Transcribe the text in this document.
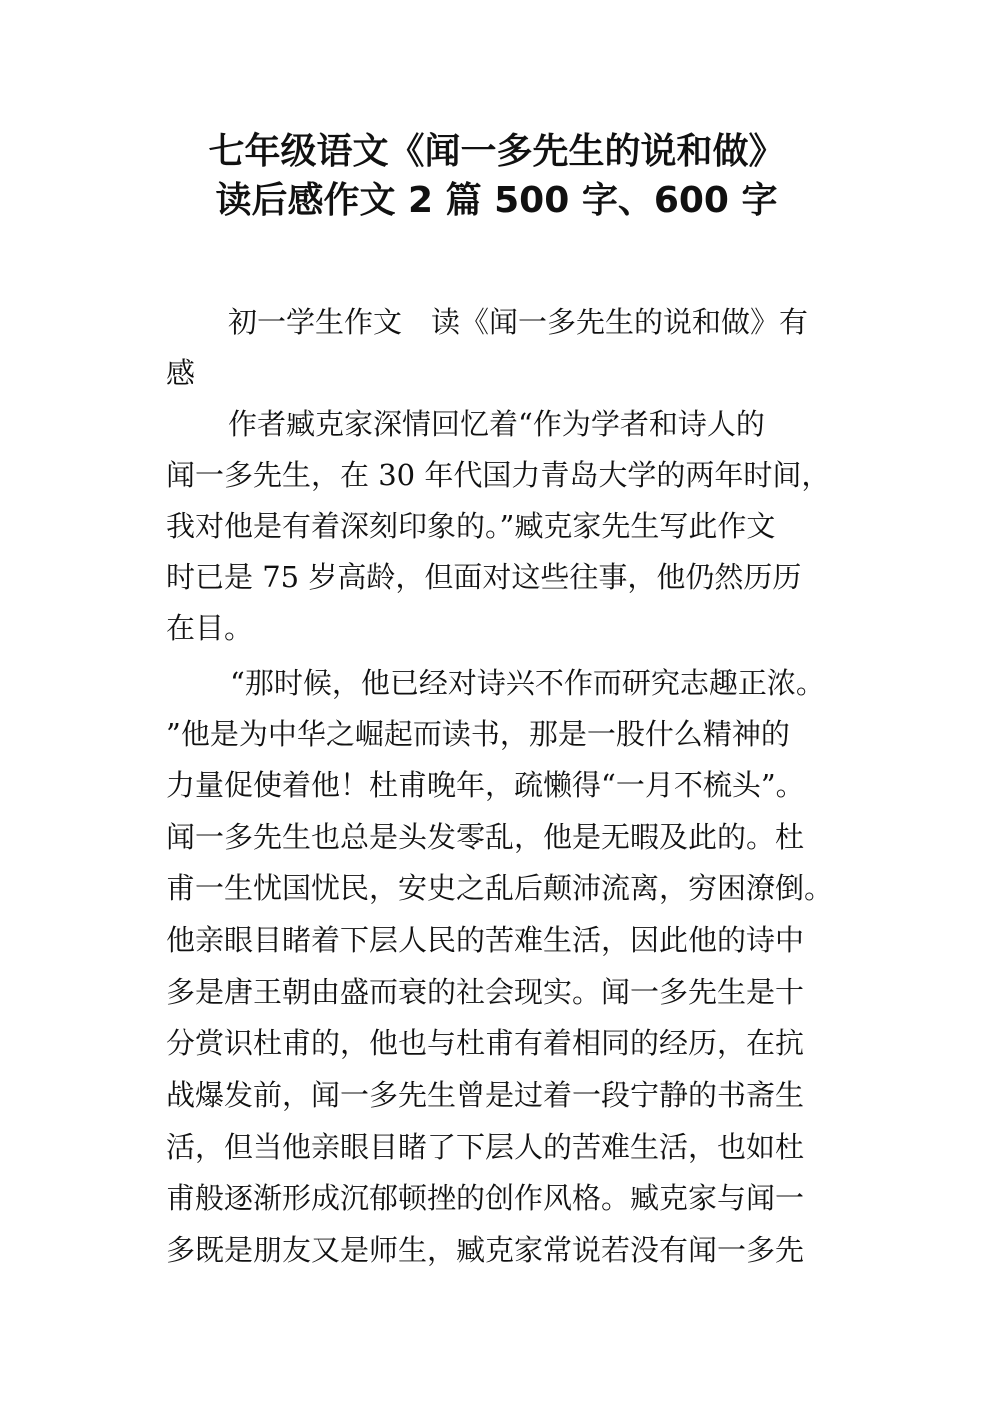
七年级语文《闻一多先生的说和做》
读后感作文 2 篇 500 字、600 字
初一学生作文　读《闻一多先生的说和做》有
感
作者臧克家深情回忆着“作为学者和诗人的
闻一多先生，在 30 年代国力青岛大学的两年时间，
我对他是有着深刻印象的。”臧克家先生写此作文
时已是 75 岁高龄，但面对这些往事，他仍然历历
在目。
“那时候，他已经对诗兴不作而研究志趣正浓。
”他是为中华之崛起而读书，那是一股什么精神的
力量促使着他！杜甫晚年，疏懒得“一月不梳头”。
闻一多先生也总是头发零乱，他是无暇及此的。杜
甫一生忧国忧民，安史之乱后颠沛流离，穷困潦倒。
他亲眼目睹着下层人民的苦难生活，因此他的诗中
多是唐王朝由盛而衰的社会现实。闻一多先生是十
分赏识杜甫的，他也与杜甫有着相同的经历，在抗
战爆发前，闻一多先生曾是过着一段宁静的书斋生
活，但当他亲眼目睹了下层人的苦难生活，也如杜
甫般逐渐形成沉郁顿挫的创作风格。臧克家与闻一
多既是朋友又是师生，臧克家常说若没有闻一多先
